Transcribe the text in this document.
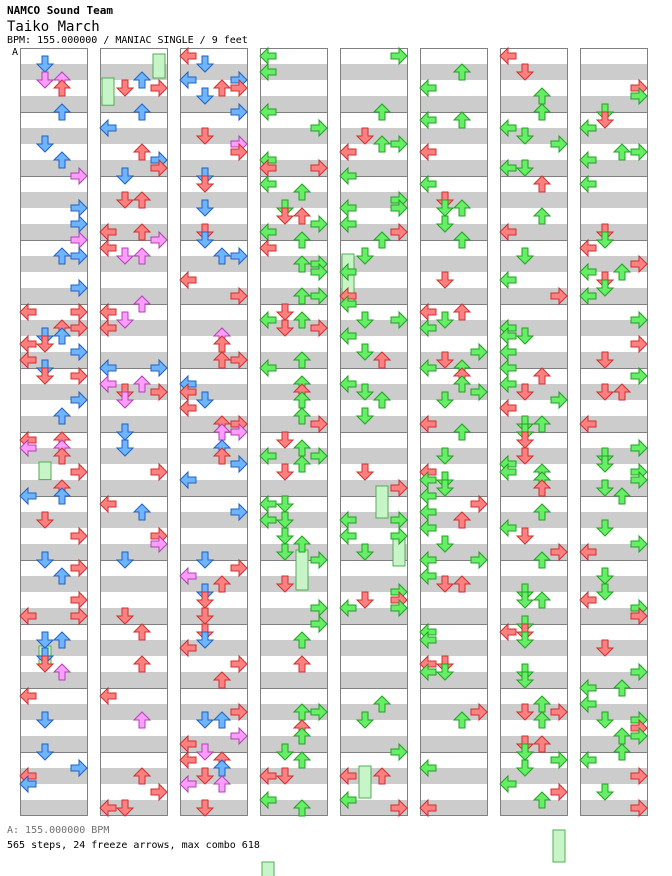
NAMCO Sound Team
Taiko March
BPM: 155.000000 / MANIAC SINGLE / 9 feet
A
A: 155.000000 BPM
565 steps, 24 freeze arrows, max combo 618
